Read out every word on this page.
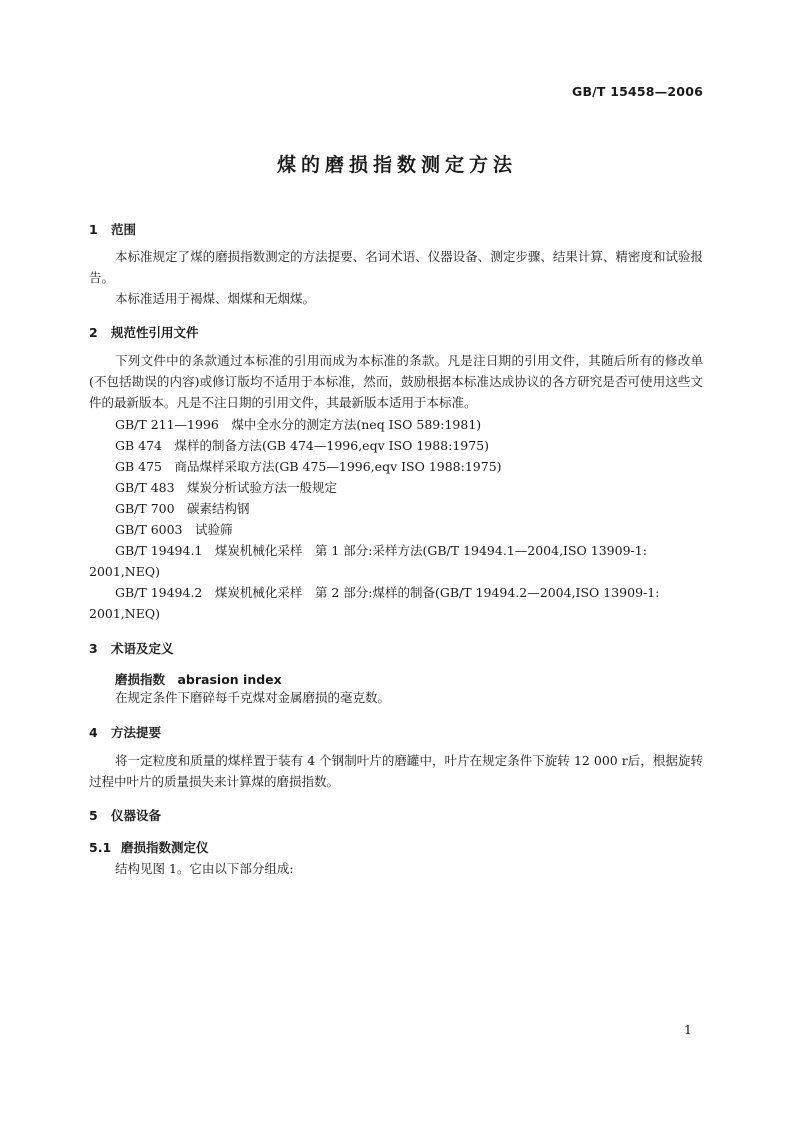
GB/T 15458—2006
煤的磨损指数测定方法
1 范围
本标准规定了煤的磨损指数测定的方法提要、名词术语、仪器设备、测定步骤、结果计算、精密度和试验报告。
本标准适用于褐煤、烟煤和无烟煤。
2 规范性引用文件
下列文件中的条款通过本标准的引用而成为本标准的条款。凡是注日期的引用文件，其随后所有的修改单(不包括勘误的内容)或修订版均不适用于本标准，然而，鼓励根据本标准达成协议的各方研究是否可使用这些文件的最新版本。凡是不注日期的引用文件，其最新版本适用于本标准。
GB/T 211—1996　煤中全水分的测定方法(neq ISO 589:1981)
GB 474　煤样的制备方法(GB 474—1996,eqv ISO 1988:1975)
GB 475　商品煤样采取方法(GB 475—1996,eqv ISO 1988:1975)
GB/T 483　煤炭分析试验方法一般规定
GB/T 700　碳素结构钢
GB/T 6003　试验筛
GB/T 19494.1　煤炭机械化采样　第 1 部分:采样方法(GB/T 19494.1—2004,ISO 13909-1:
2001,NEQ)
GB/T 19494.2　煤炭机械化采样　第 2 部分:煤样的制备(GB/T 19494.2—2004,ISO 13909-1:
2001,NEQ)
3 术语及定义
磨损指数　abrasion index
在规定条件下磨碎每千克煤对金属磨损的毫克数。
4 方法提要
将一定粒度和质量的煤样置于装有 4 个钢制叶片的磨罐中，叶片在规定条件下旋转 12 000 r后，根据旋转过程中叶片的质量损失来计算煤的磨损指数。
5 仪器设备
5.1 磨损指数测定仪
结构见图 1。它由以下部分组成:
1
